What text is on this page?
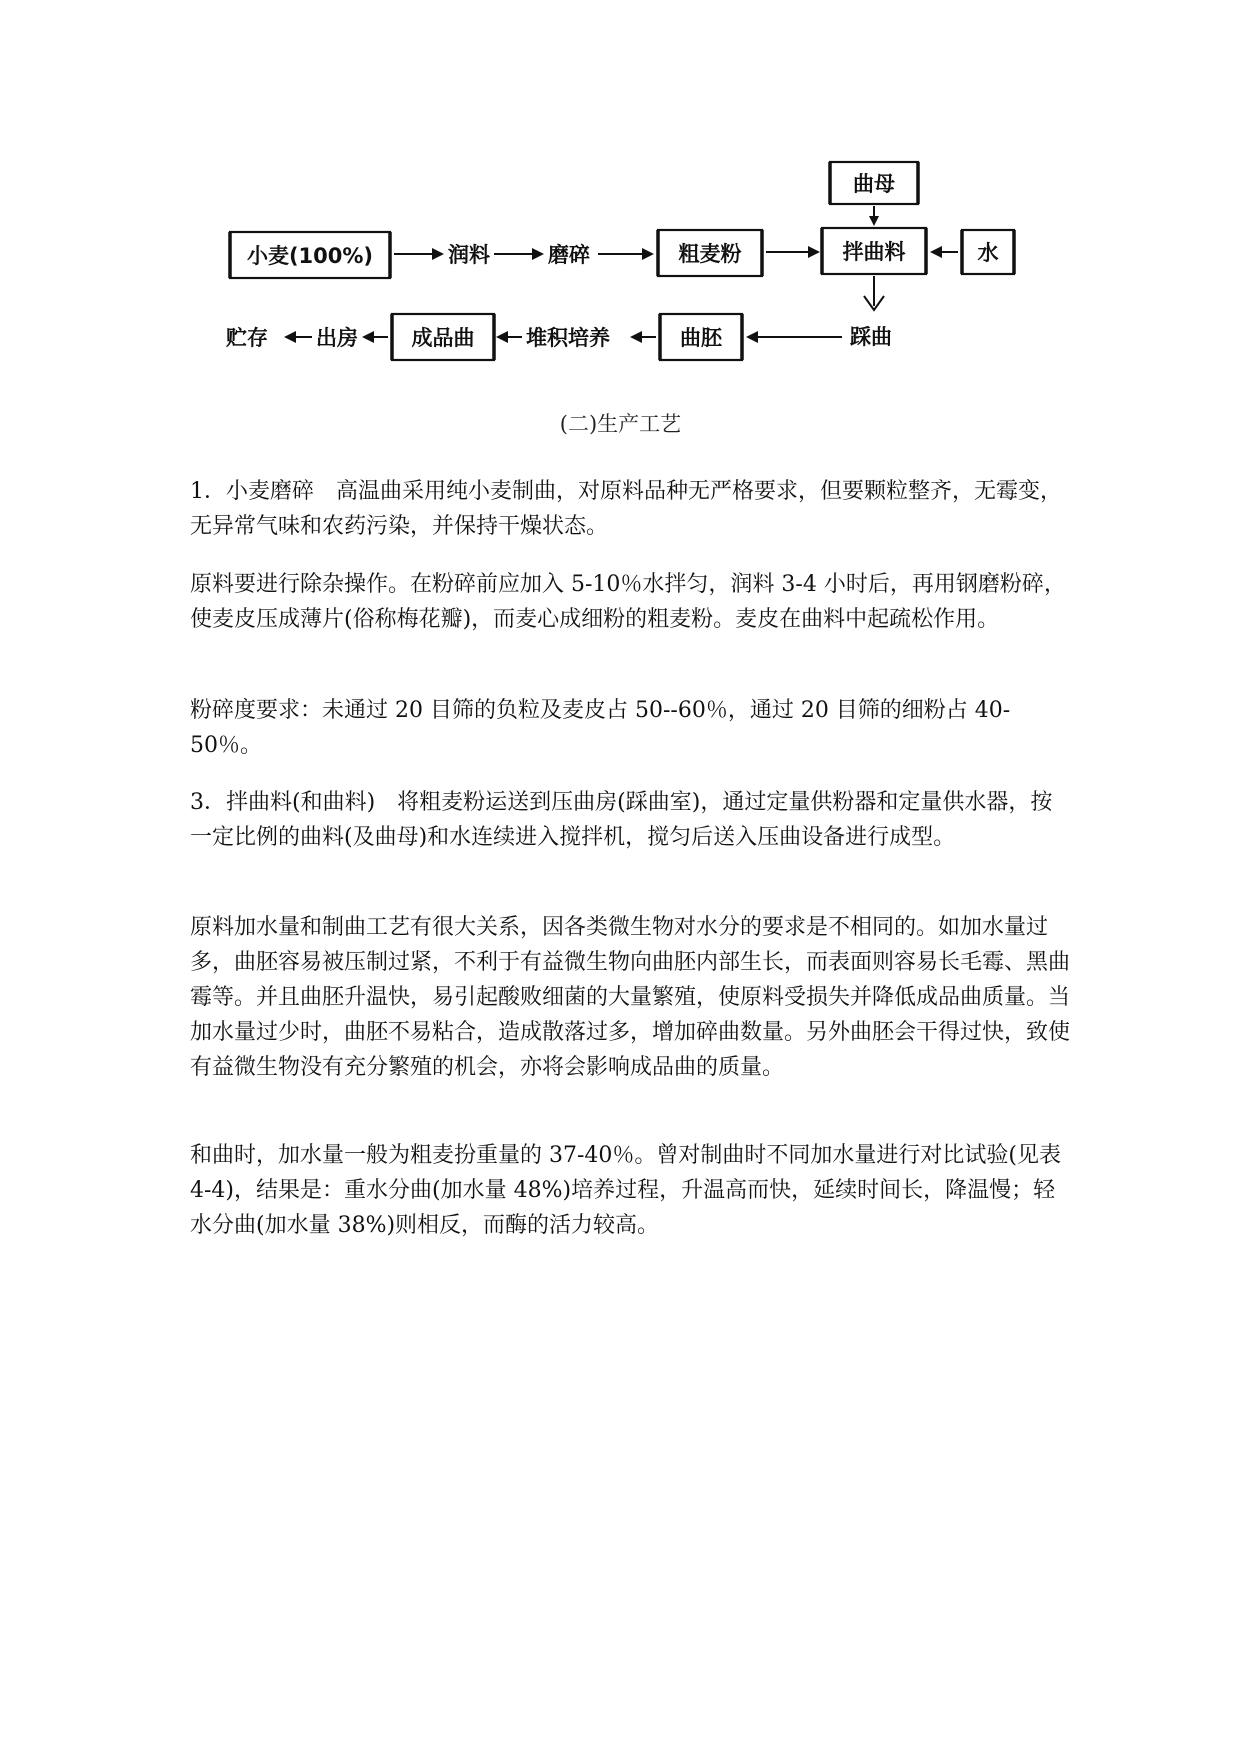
小麦(100%)	润料	磨碎	粗麦粉	拌曲料
曲母
水
踩曲
曲胚
堆积培养
成品曲
出房
贮存

(二)生产工艺

1．小麦磨碎　高温曲采用纯小麦制曲，对原料品种无严格要求，但要颗粒整齐，无霉变，无异常气味和农药污染，并保持干燥状态。

原料要进行除杂操作。在粉碎前应加入 5-10％水拌匀，润料 3-4 小时后，再用钢磨粉碎，使麦皮压成薄片(俗称梅花瓣)，而麦心成细粉的粗麦粉。麦皮在曲料中起疏松作用。

粉碎度要求：未通过 20 目筛的负粒及麦皮占 50--60％，通过 20 目筛的细粉占 40-50％。

3．拌曲料(和曲料)　将粗麦粉运送到压曲房(踩曲室)，通过定量供粉器和定量供水器，按一定比例的曲料(及曲母)和水连续进入搅拌机，搅匀后送入压曲设备进行成型。

原料加水量和制曲工艺有很大关系，因各类微生物对水分的要求是不相同的。如加水量过多，曲胚容易被压制过紧，不利于有益微生物向曲胚内部生长，而表面则容易长毛霉、黑曲霉等。并且曲胚升温快，易引起酸败细菌的大量繁殖，使原料受损失并降低成品曲质量。当加水量过少时，曲胚不易粘合，造成散落过多，增加碎曲数量。另外曲胚会干得过快，致使有益微生物没有充分繁殖的机会，亦将会影响成品曲的质量。

和曲时，加水量一般为粗麦扮重量的 37-40％。曾对制曲时不同加水量进行对比试验(见表 4-4)，结果是：重水分曲(加水量 48%)培养过程，升温高而快，延续时间长，降温慢；轻水分曲(加水量 38%)则相反，而酶的活力较高。
